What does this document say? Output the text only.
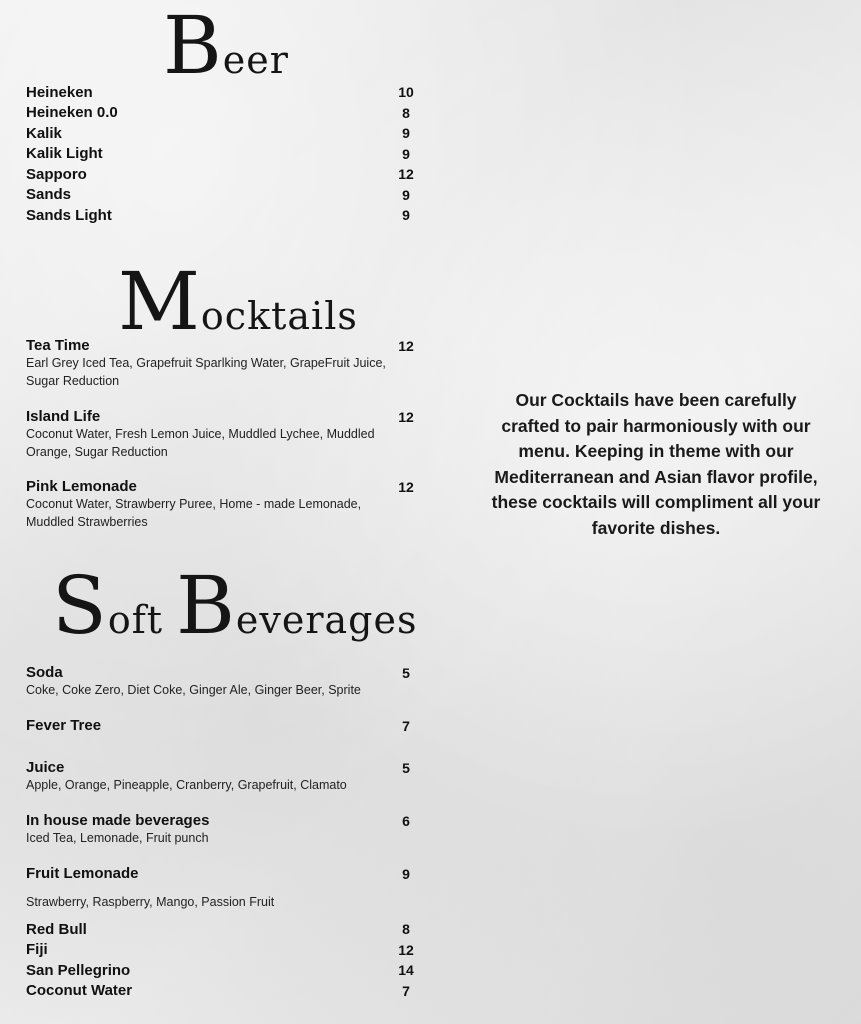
Beer
Heineken	10
Heineken 0.0	8
Kalik	9
Kalik Light	9
Sapporo	12
Sands	9
Sands Light	9
Mocktails
Tea Time	12
Earl Grey Iced Tea, Grapefruit Sparlking Water, GrapeFruit Juice, Sugar Reduction
Island Life	12
Coconut Water, Fresh Lemon Juice, Muddled Lychee, Muddled Orange, Sugar Reduction
Pink Lemonade	12
Coconut Water, Strawberry Puree, Home - made Lemonade, Muddled Strawberries
Soft Beverages
Soda	5
Coke, Coke Zero, Diet Coke, Ginger Ale, Ginger Beer, Sprite
Fever Tree	7
Juice	5
Apple, Orange, Pineapple, Cranberry, Grapefruit, Clamato
In house made beverages	6
Iced Tea, Lemonade, Fruit punch
Fruit Lemonade	9
Strawberry, Raspberry, Mango, Passion Fruit
Red Bull	8
Fiji	12
San Pellegrino	14
Coconut Water	7

Our Cocktails have been carefully crafted to pair harmoniously with our menu. Keeping in theme with our Mediterranean and Asian flavor profile, these cocktails will compliment all your favorite dishes.
